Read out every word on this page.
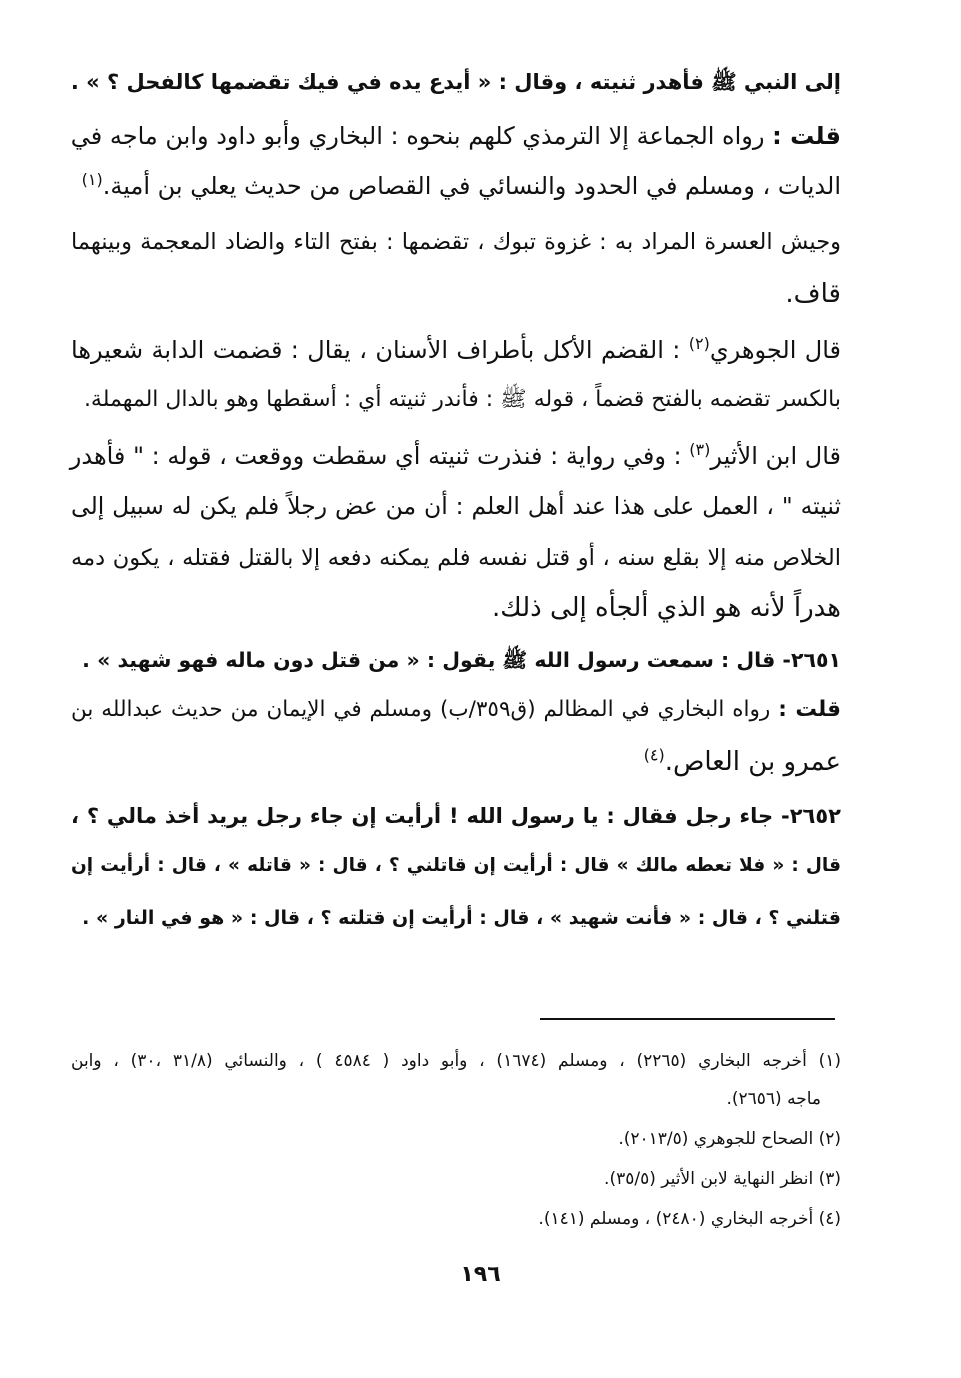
إلى النبي ﷺ فأهدر ثنيته ، وقال : « أيدع يده في فيك تقضمها كالفحل ؟ » .
قلت : رواه الجماعة إلا الترمذي كلهم بنحوه : البخاري وأبو داود وابن ماجه في
الديات ، ومسلم في الحدود والنسائي في القصاص من حديث يعلي بن أمية.$^{(١)}$
وجيش العسرة المراد به : غزوة تبوك ، تقضمها : بفتح التاء والضاد المعجمة وبينهما
قاف.
قال الجوهري$^{(٢)}$ : القضم الأكل بأطراف الأسنان ، يقال : قضمت الدابة شعيرها
بالكسر تقضمه بالفتح قضماً ، قوله ﷺ : فأندر ثنيته أي : أسقطها وهو بالدال المهملة.
قال ابن الأثير$^{(٣)}$ : وفي رواية : فنذرت ثنيته أي سقطت ووقعت ، قوله : " فأهدر
ثنيته " ، العمل على هذا عند أهل العلم : أن من عض رجلاً فلم يكن له سبيل إلى
الخلاص منه إلا بقلع سنه ، أو قتل نفسه فلم يمكنه دفعه إلا بالقتل فقتله ، يكون دمه
هدراً لأنه هو الذي ألجأه إلى ذلك.
٢٦٥١- قال : سمعت رسول الله ﷺ يقول : « من قتل دون ماله فهو شهيد » .
قلت : رواه البخاري في المظالم (ق٣٥٩/ب) ومسلم في الإيمان من حديث عبدالله بن
عمرو بن العاص.$^{(٤)}$
٢٦٥٢- جاء رجل فقال : يا رسول الله ! أرأيت إن جاء رجل يريد أخذ مالي ؟ ،
قال : « فلا تعطه مالك » قال : أرأيت إن قاتلني ؟ ، قال : « قاتله » ، قال : أرأيت إن
قتلني ؟ ، قال : « فأنت شهيد » ، قال : أرأيت إن قتلته ؟ ، قال : « هو في النار » .
(١) أخرجه البخاري (٢٢٦٥) ، ومسلم (١٦٧٤) ، وأبو داود ( ٤٥٨٤ ) ، والنسائي (٣١/٨ ،٣٠) ، وابن
ماجه (٢٦٥٦).
(٢) الصحاح للجوهري (٢٠١٣/٥).
(٣) انظر النهاية لابن الأثير (٣٥/٥).
(٤) أخرجه البخاري (٢٤٨٠) ، ومسلم (١٤١).
١٩٦
